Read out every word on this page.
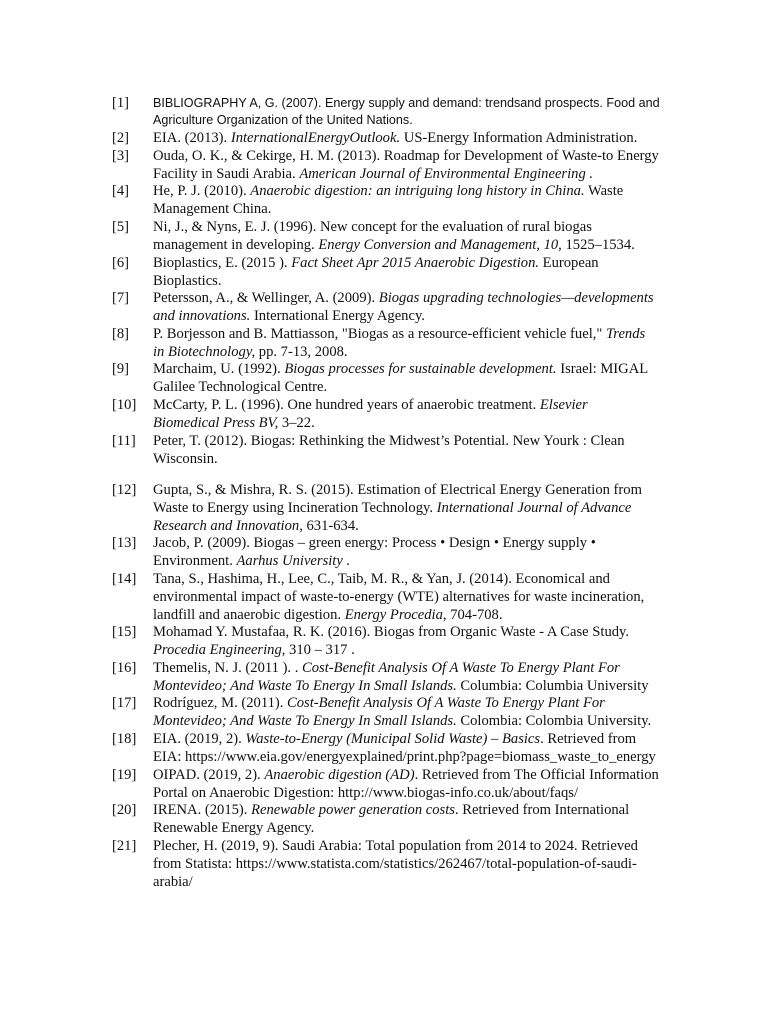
[1] BIBLIOGRAPHY A, G. (2007). Energy supply and demand: trendsand prospects. Food and
Agriculture Organization of the United Nations.
[2] EIA. (2013). InternationalEnergyOutlook. US-Energy Information Administration.
[3] Ouda, O. K., & Cekirge, H. M. (2013). Roadmap for Development of Waste-to Energy
Facility in Saudi Arabia. American Journal of Environmental Engineering .
[4] He, P. J. (2010). Anaerobic digestion: an intriguing long history in China. Waste
Management China.
[5] Ni, J., & Nyns, E. J. (1996). New concept for the evaluation of rural biogas
management in developing. Energy Conversion and Management, 10, 1525–1534.
[6] Bioplastics, E. (2015 ). Fact Sheet Apr 2015 Anaerobic Digestion. European
Bioplastics.
[7] Petersson, A., & Wellinger, A. (2009). Biogas upgrading technologies—developments
and innovations. International Energy Agency.
[8] P. Borjesson and B. Mattiasson, "Biogas as a resource-efficient vehicle fuel," Trends
in Biotechnology, pp. 7-13, 2008.
[9] Marchaim, U. (1992). Biogas processes for sustainable development. Israel: MIGAL
Galilee Technological Centre.
[10] McCarty, P. L. (1996). One hundred years of anaerobic treatment. Elsevier
Biomedical Press BV, 3–22.
[11] Peter, T. (2012). Biogas: Rethinking the Midwest’s Potential. New Yourk : Clean
Wisconsin.
[12] Gupta, S., & Mishra, R. S. (2015). Estimation of Electrical Energy Generation from
Waste to Energy using Incineration Technology. International Journal of Advance
Research and Innovation, 631-634.
[13] Jacob, P. (2009). Biogas – green energy: Process • Design • Energy supply •
Environment. Aarhus University .
[14] Tana, S., Hashima, H., Lee, C., Taib, M. R., & Yan, J. (2014). Economical and
environmental impact of waste-to-energy (WTE) alternatives for waste incineration,
landfill and anaerobic digestion. Energy Procedia, 704-708.
[15] Mohamad Y. Mustafaa, R. K. (2016). Biogas from Organic Waste - A Case Study.
Procedia Engineering, 310 – 317 .
[16] Themelis, N. J. (2011 ). . Cost-Benefit Analysis Of A Waste To Energy Plant For
Montevideo; And Waste To Energy In Small Islands. Columbia: Columbia University
[17] Rodríguez, M. (2011). Cost-Benefit Analysis Of A Waste To Energy Plant For
Montevideo; And Waste To Energy In Small Islands. Colombia: Colombia University.
[18] EIA. (2019, 2). Waste-to-Energy (Municipal Solid Waste) – Basics. Retrieved from
EIA: https://www.eia.gov/energyexplained/print.php?page=biomass_waste_to_energy
[19] OIPAD. (2019, 2). Anaerobic digestion (AD). Retrieved from The Official Information
Portal on Anaerobic Digestion: http://www.biogas-info.co.uk/about/faqs/
[20] IRENA. (2015). Renewable power generation costs. Retrieved from International
Renewable Energy Agency.
[21] Plecher, H. (2019, 9). Saudi Arabia: Total population from 2014 to 2024. Retrieved
from Statista: https://www.statista.com/statistics/262467/total-population-of-saudi-
arabia/
